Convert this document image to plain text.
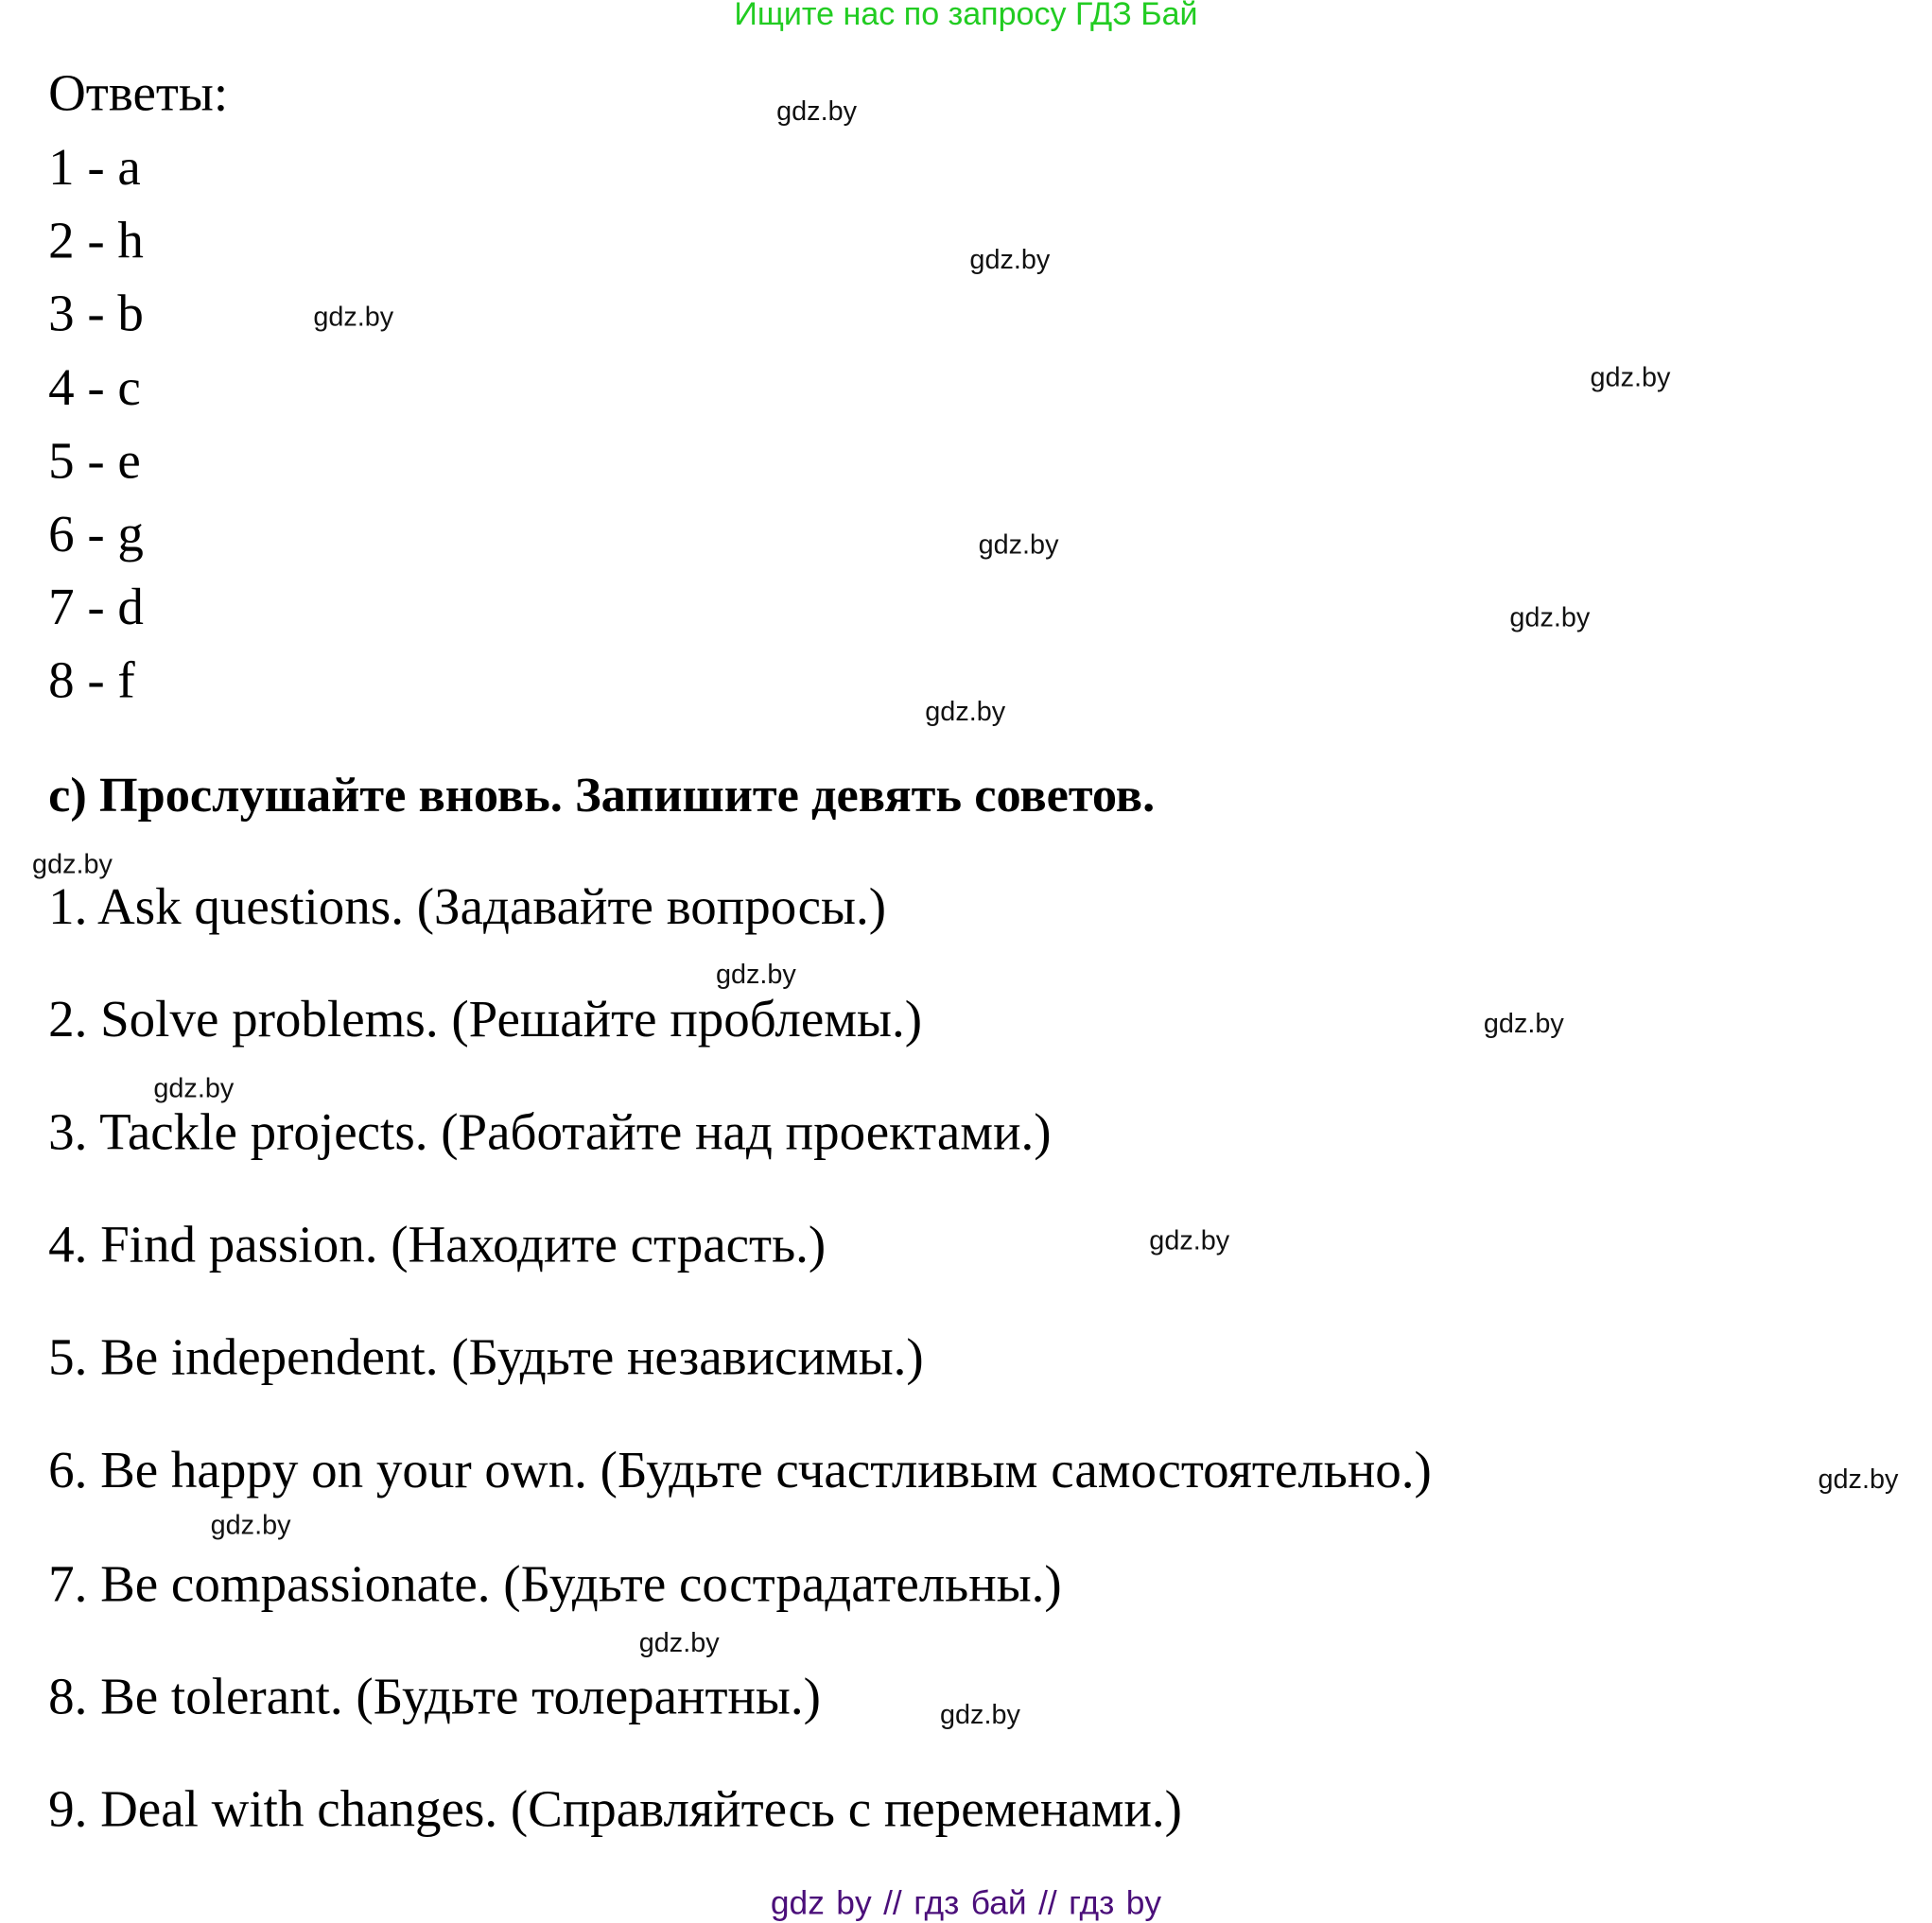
Ищите нас по запросу ГДЗ Бай
Ответы:
1 - a
2 - h
3 - b
4 - c
5 - e
6 - g
7 - d
8 - f
c) Прослушайте вновь. Запишите девять советов.
1. Ask questions. (Задавайте вопросы.)
2. Solve problems. (Решайте проблемы.)
3. Tackle projects. (Работайте над проектами.)
4. Find passion. (Находите страсть.)
5. Be independent. (Будьте независимы.)
6. Be happy on your own. (Будьте счастливым самостоятельно.)
7. Be compassionate. (Будьте сострадательны.)
8. Be tolerant. (Будьте толерантны.)
9. Deal with changes. (Справляйтесь с переменами.)
gdz.by
gdz.by
gdz.by
gdz.by
gdz.by
gdz.by
gdz.by
gdz.by
gdz.by
gdz.by
gdz.by
gdz.by
gdz.by
gdz.by
gdz.by
gdz.by
gdz by // гдз бай // гдз by
